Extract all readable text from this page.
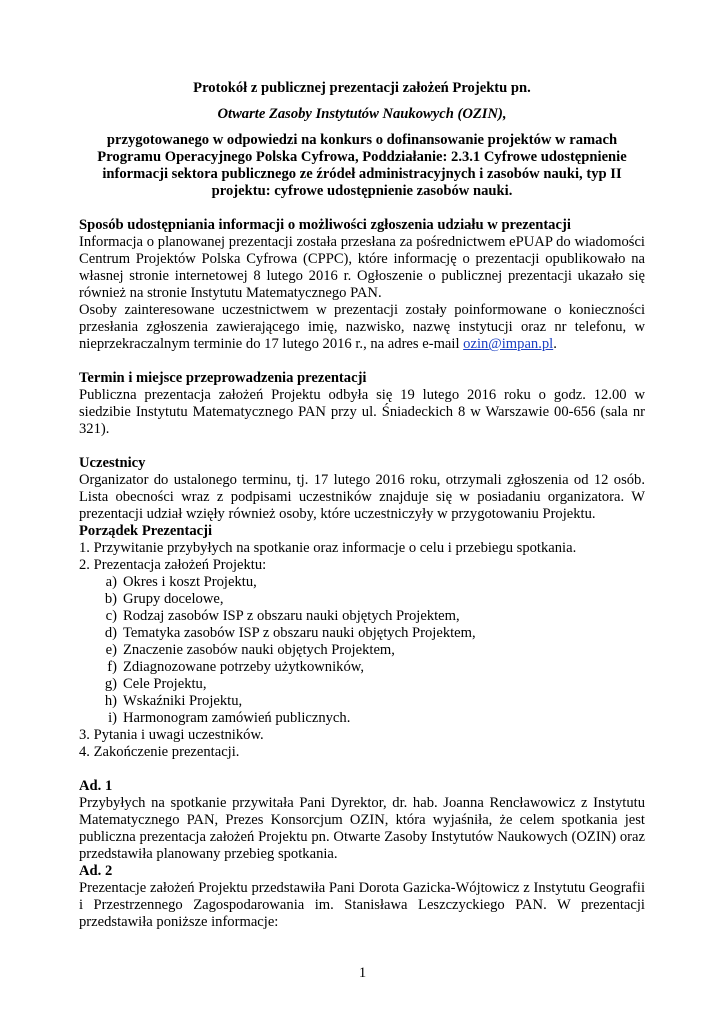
Protokół z publicznej prezentacji założeń Projektu pn.
Otwarte Zasoby Instytutów Naukowych (OZIN),
przygotowanego w odpowiedzi na konkurs o dofinansowanie projektów w ramach Programu Operacyjnego Polska Cyfrowa, Poddziałanie: 2.3.1 Cyfrowe udostępnienie informacji sektora publicznego ze źródeł administracyjnych i zasobów nauki, typ II projektu: cyfrowe udostępnienie zasobów nauki.

Sposób udostępniania informacji o możliwości zgłoszenia udziału w prezentacji

Informacja o planowanej prezentacji została przesłana za pośrednictwem ePUAP do wiadomości Centrum Projektów Polska Cyfrowa (CPPC), które informację o prezentacji opublikowało na własnej stronie internetowej 8 lutego 2016 r. Ogłoszenie o publicznej prezentacji ukazało się również na stronie Instytutu Matematycznego PAN.

Osoby zainteresowane uczestnictwem w prezentacji zostały poinformowane o konieczności przesłania zgłoszenia zawierającego imię, nazwisko, nazwę instytucji oraz nr telefonu, w nieprzekraczalnym terminie do 17 lutego 2016 r., na adres e-mail ozin@impan.pl.

Termin i miejsce przeprowadzenia prezentacji

Publiczna prezentacja założeń Projektu odbyła się 19 lutego 2016 roku o godz. 12.00 w siedzibie Instytutu Matematycznego PAN przy ul. Śniadeckich 8 w Warszawie 00-656 (sala nr 321).

Uczestnicy

Organizator do ustalonego terminu, tj. 17 lutego 2016 roku, otrzymali zgłoszenia od 12 osób. Lista obecności wraz z podpisami uczestników znajduje się w posiadaniu organizatora. W prezentacji udział wzięły również osoby, które uczestniczyły w przygotowaniu Projektu.

Porządek Prezentacji

1. Przywitanie przybyłych na spotkanie oraz informacje o celu i przebiegu spotkania.

2. Prezentacja założeń Projektu:

a) Okres i koszt Projektu,
b) Grupy docelowe,
c) Rodzaj zasobów ISP z obszaru nauki objętych Projektem,
d) Tematyka zasobów ISP z obszaru nauki objętych Projektem,
e) Znaczenie zasobów nauki objętych Projektem,
f) Zdiagnozowane potrzeby użytkowników,
g) Cele Projektu,
h) Wskaźniki Projektu,
i) Harmonogram zamówień publicznych.

3. Pytania i uwagi uczestników.

4. Zakończenie prezentacji.

Ad. 1

Przybyłych na spotkanie przywitała Pani Dyrektor, dr. hab. Joanna Rencławowicz z Instytutu Matematycznego PAN, Prezes Konsorcjum OZIN, która wyjaśniła, że celem spotkania jest publiczna prezentacja założeń Projektu pn. Otwarte Zasoby Instytutów Naukowych (OZIN) oraz przedstawiła planowany przebieg spotkania.

Ad. 2

Prezentacje założeń Projektu przedstawiła Pani Dorota Gazicka-Wójtowicz z Instytutu Geografii i Przestrzennego Zagospodarowania im. Stanisława Leszczyckiego PAN. W prezentacji przedstawiła poniższe informacje:

1
